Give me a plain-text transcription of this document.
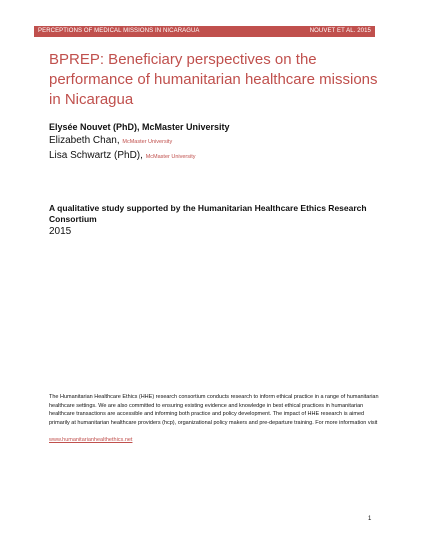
PERCEPTIONS OF MEDICAL MISSIONS IN NICARAGUA	NOUVET ET AL. 2015
BPREP: Beneficiary perspectives on the performance of humanitarian healthcare missions in Nicaragua
Elysée Nouvet (PhD), McMaster University
Elizabeth Chan, McMaster University
Lisa Schwartz (PhD), McMaster University

A qualitative study supported by the Humanitarian Healthcare Ethics Research Consortium

2015

The Humanitarian Healthcare Ethics (HHE) research consortium conducts research to inform ethical practice in a range of humanitarian healthcare settings. We are also committed to ensuring existing evidence and knowledge in best ethical practices in humanitarian healthcare transactions are accessible and informing both practice and policy development. The impact of HHE research is aimed primarily at humanitarian healthcare providers (hcp), organizational policy makers and pre-departure training. For more information visit

www.humanitarianhealthethics.net
1
